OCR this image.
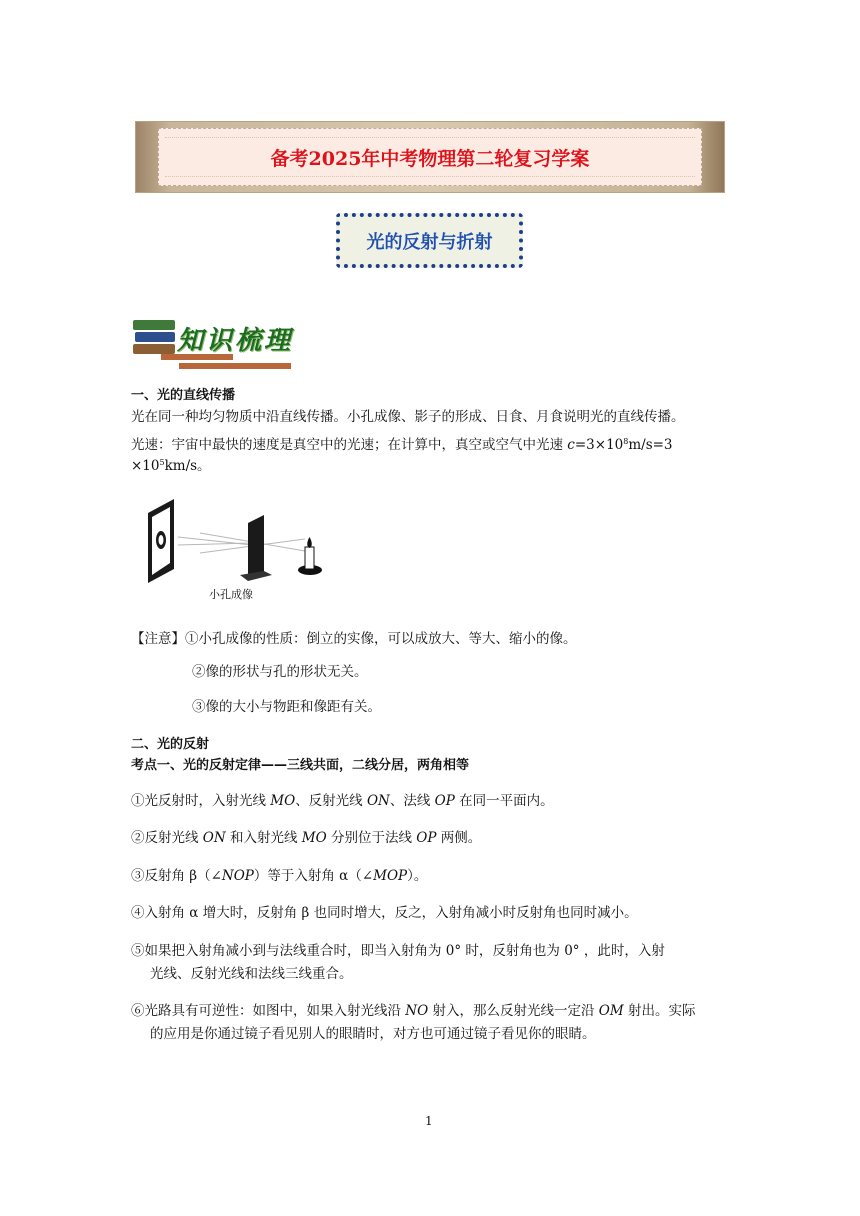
备考2025年中考物理第二轮复习学案
光的反射与折射
知识梳理
一、光的直线传播
光在同一种均匀物质中沿直线传播。小孔成像、影子的形成、日食、月食说明光的直线传播。
光速：宇宙中最快的速度是真空中的光速；在计算中，真空或空气中光速 $c=3\times 10^8m/s=3$
$\times 10^5km/s$。
小孔成像
【注意】①小孔成像的性质：倒立的实像，可以成放大、等大、缩小的像。
②像的形状与孔的形状无关。
③像的大小与物距和像距有关。
二、光的反射
考点一、光的反射定律——三线共面，二线分居，两角相等
①光反射时，入射光线 MO、反射光线 ON、法线 OP 在同一平面内。
②反射光线 ON 和入射光线 MO 分别位于法线 OP 两侧。
③反射角 β（∠NOP）等于入射角 α（∠MOP）。
④入射角 α 增大时，反射角 β 也同时增大，反之，入射角减小时反射角也同时减小。
⑤如果把入射角减小到与法线重合时，即当入射角为 0° 时，反射角也为 0° ，此时，入射
光线、反射光线和法线三线重合。
⑥光路具有可逆性：如图中，如果入射光线沿 NO 射入，那么反射光线一定沿 OM 射出。实际
的应用是你通过镜子看见别人的眼睛时，对方也可通过镜子看见你的眼睛。
1
